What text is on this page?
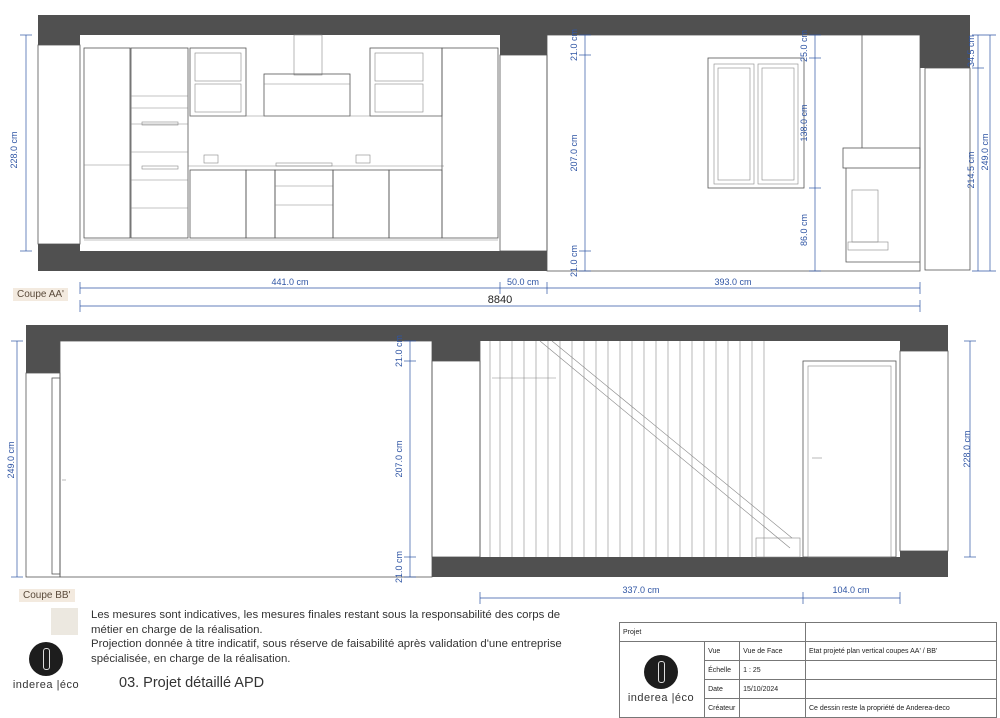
228.0 cm
441.0 cm	50.0 cm	393.0 cm
8840
21.0 cm
207.0 cm
21.0 cm
25.0 cm
138.0 cm
86.0 cm
34.5 cm
214.5 cm 249.0 cm
249.0 cm
21.0 cm
207.0 cm
21.0 cm
228.0 cm
337.0 cm	104.0 cm
Coupe AA'
Coupe BB'
Les mesures sont indicatives, les mesures finales restant sous la responsabilité des corps de métier en charge de la réalisation.
Projection donnée à titre indicatif, sous réserve de faisabilité après validation d'une entreprise spécialisée, en charge de la réalisation.
inderea |éco	03. Projet détaillé APD
Projet			

inderea |éco	Vue	Vue de Face	Etat projeté plan vertical coupes AA' / BB'
	Échelle	1 : 25	
	Date	15/10/2024	
	Créateur		Ce dessin reste la propriété de Anderea-deco
